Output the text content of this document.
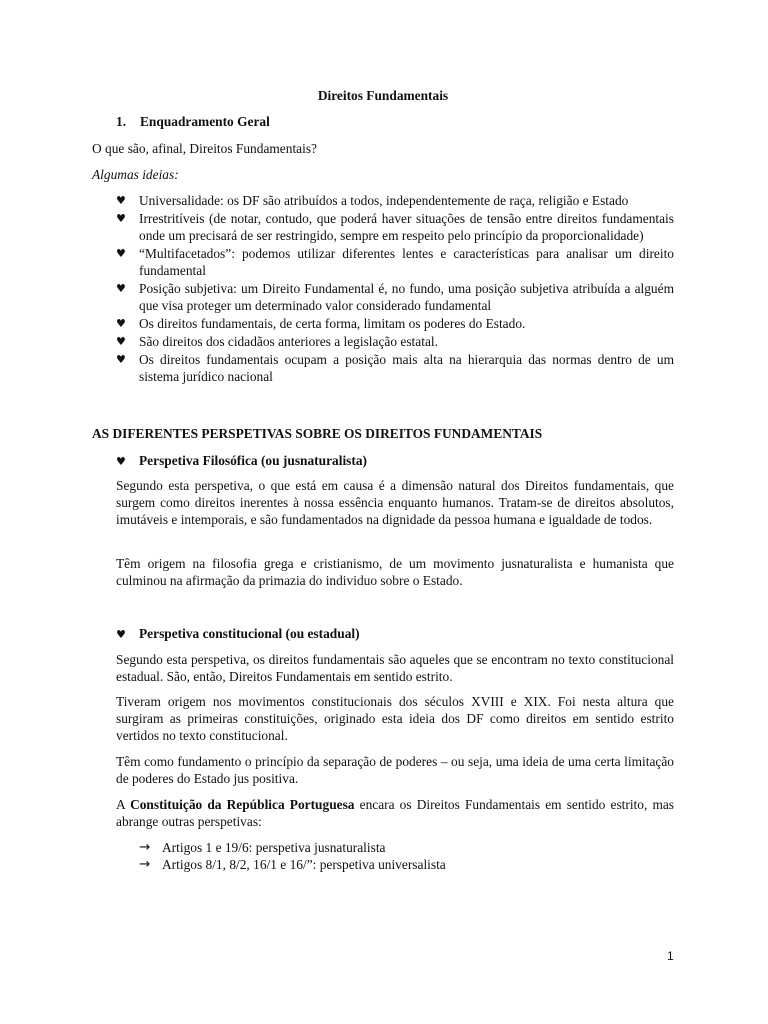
Direitos Fundamentais
1. Enquadramento Geral
O que são, afinal, Direitos Fundamentais?
Algumas ideias:
♥ Universalidade: os DF são atribuídos a todos, independentemente de raça, religião e Estado
♥ Irrestritíveis (de notar, contudo, que poderá haver situações de tensão entre direitos fundamentais onde um precisará de ser restringido, sempre em respeito pelo princípio da proporcionalidade)
♥ “Multifacetados”: podemos utilizar diferentes lentes e características para analisar um direito fundamental
♥ Posição subjetiva: um Direito Fundamental é, no fundo, uma posição subjetiva atribuída a alguém que visa proteger um determinado valor considerado fundamental
♥ Os direitos fundamentais, de certa forma, limitam os poderes do Estado.
♥ São direitos dos cidadãos anteriores a legislação estatal.
♥ Os direitos fundamentais ocupam a posição mais alta na hierarquia das normas dentro de um sistema jurídico nacional
AS DIFERENTES PERSPETIVAS SOBRE OS DIREITOS FUNDAMENTAIS
♥ Perspetiva Filosófica (ou jusnaturalista)

Segundo esta perspetiva, o que está em causa é a dimensão natural dos Direitos fundamentais, que surgem como direitos inerentes à nossa essência enquanto humanos. Tratam-se de direitos absolutos, imutáveis e intemporais, e são fundamentados na dignidade da pessoa humana e igualdade de todos.

Têm origem na filosofia grega e cristianismo, de um movimento jusnaturalista e humanista que culminou na afirmação da primazia do individuo sobre o Estado.

♥ Perspetiva constitucional (ou estadual)

Segundo esta perspetiva, os direitos fundamentais são aqueles que se encontram no texto constitucional estadual. São, então, Direitos Fundamentais em sentido estrito.

Tiveram origem nos movimentos constitucionais dos séculos XVIII e XIX. Foi nesta altura que surgiram as primeiras constituições, originado esta ideia dos DF como direitos em sentido estrito vertidos no texto constitucional.

Têm como fundamento o princípio da separação de poderes – ou seja, uma ideia de uma certa limitação de poderes do Estado jus positiva.

A Constituição da República Portuguesa encara os Direitos Fundamentais em sentido estrito, mas abrange outras perspetivas:

→ Artigos 1 e 19/6: perspetiva jusnaturalista
→ Artigos 8/1, 8/2, 16/1 e 16/”: perspetiva universalista
1
